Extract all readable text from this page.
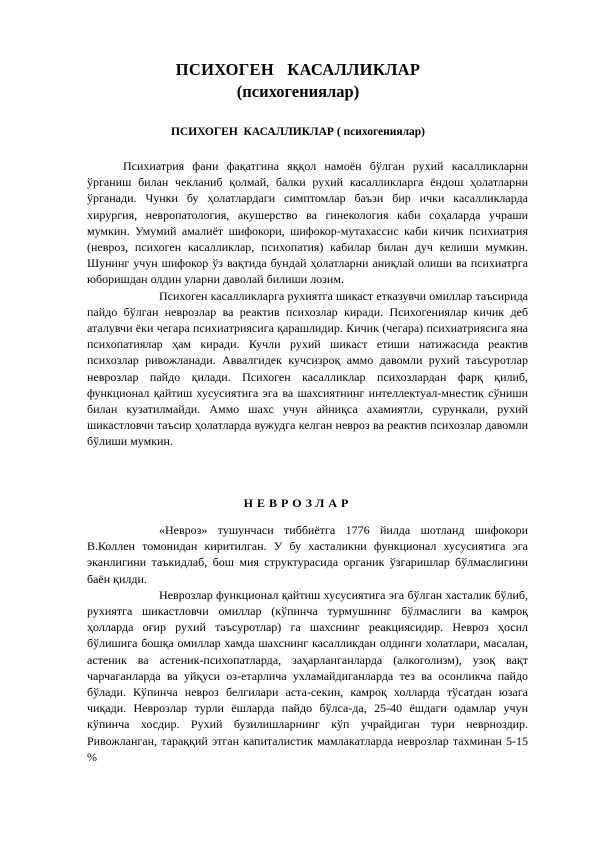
ПСИХОГЕН   КАСАЛЛИКЛАР
(психогениялар)
ПСИХОГЕН  КАСАЛЛИКЛАР ( психогениялар)

Психиатрия фани фақатгина яққол намоён бўлган рухий касалликларни ўрганиш билан чекланиб қолмай, балки рухий касалликларга ёндош ҳолатларни ўрганади. Чунки бу ҳолатлардаги симптомлар баъзи бир ички касалликларда хирургия, невропатология, акушерство ва гинекология каби соҳаларда учраши мумкин. Умумий амалиёт шифокори, шифокор-мутахассис каби кичик психиатрия (невроз, психоген касалликлар, психопатия) кабилар билан дуч келиши мумкин. Шунинг учун шифокор ўз вақтида бундай ҳолатларни аниқлай олиши ва психиатрга юборишдан олдин уларни даволай билиши лозим.

Психоген касалликларга рухиятга шикаст етказувчи омиллар таъсирида пайдо бўлган неврозлар ва реактив психозлар киради. Психогениялар кичик деб аталувчи ёки чегара психиатриясига қарашлидир. Кичик (чегара) психиатриясига яна психопатиялар ҳам киради. Кучли рухий шикаст етиши натижасида реактив психозлар ривожланади. Аввалгидек кучсизроқ аммо давомли рухий таъсуротлар неврозлар пайдо қилади. Психоген касалликлар психозлардан фарқ қилиб, функционал қайтиш хусусиятига эга ва шахсиятнинг интеллектуал-мнестик сўниши билан кузатилмайди. Аммо шахс учун айниқса ахамиятли, сурункали, рухий шикастловчи таъсир ҳолатларда вужудга келган невроз ва реактив психозлар давомли бўлиши мумкин.

НЕВРОЗЛАР

«Невроз» тушунчаси тиббиётга 1776 йилда шотланд шифокори В.Коллен томонидан киритилган. У бу хасталикни функционал хусусиятига эга эканлигини таъкидлаб, бош мия структурасида органик ўзгаришлар бўлмаслигини баён қилди.

Неврозлар функционал қайтиш хусусиятига эга бўлган хасталик бўлиб, рухиятга шикастловчи омиллар (кўпинча турмушнинг бўлмаслиги ва камроқ ҳолларда оғир рухий таъсуротлар) га шахснинг реакциясидир. Невроз ҳосил бўлишига бошқа омиллар хамда шахснинг касалликдан олдинги холатлари, масалан, астеник ва астеник-психопатларда, заҳарланганларда (алкоголизм), узоқ вақт чарчаганларда ва уйқуси оз-етарлича ухламайдиганларда тез ва осонликча пайдо бўлади. Кўпинча невроз белгилари аста-секин, камроқ холларда тўсатдан юзага чиқади. Неврозлар турли ёшларда пайдо бўлса-да, 25-40 ёшдаги одамлар учун кўпинча хосдир. Рухий бузилишларнинг кўп учрайдиган тури неврноздир. Ривожланган, тараққий этган капиталистик мамлакатларда неврозлар тахминан 5-15 %
